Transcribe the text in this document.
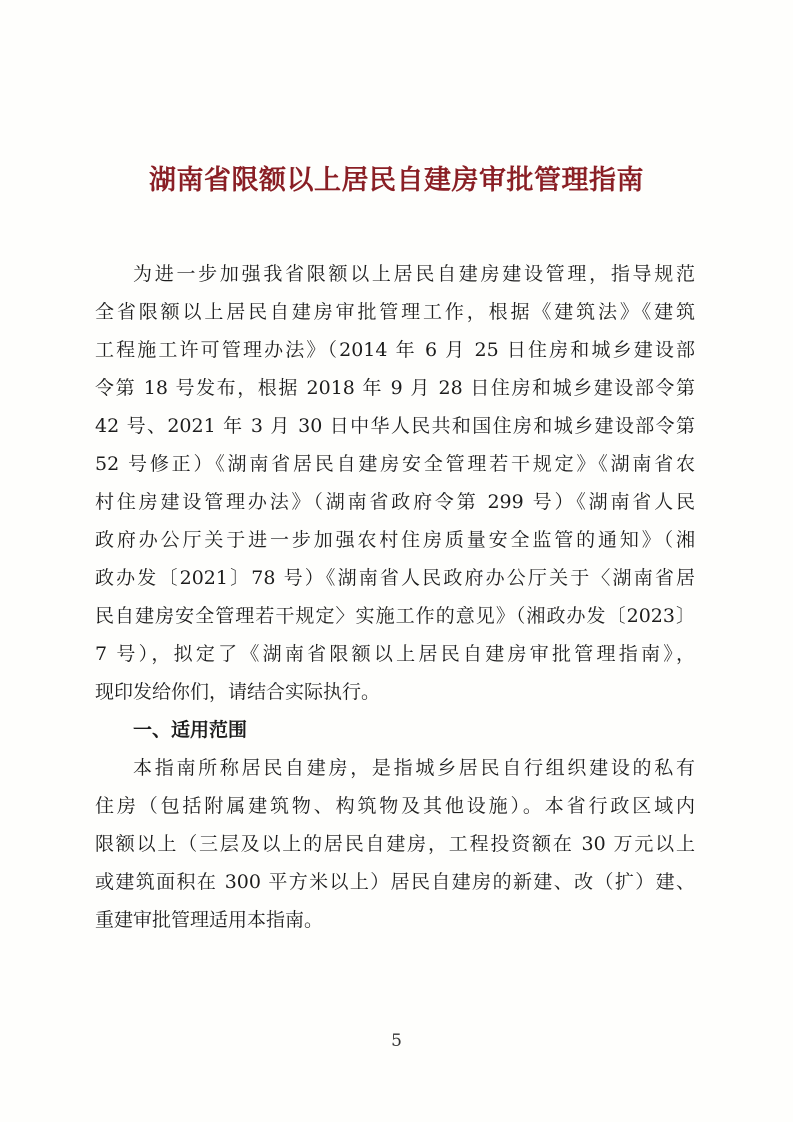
湖南省限额以上居民自建房审批管理指南
为进一步加强我省限额以上居民自建房建设管理，指导规范
全省限额以上居民自建房审批管理工作，根据《建筑法》《建筑
工程施工许可管理办法》（2014 年 6 月 25 日住房和城乡建设部
令第 18 号发布，根据 2018 年 9 月 28 日住房和城乡建设部令第
42 号、2021 年 3 月 30 日中华人民共和国住房和城乡建设部令第
52 号修正）《湖南省居民自建房安全管理若干规定》《湖南省农
村住房建设管理办法》（湖南省政府令第 299 号）《湖南省人民
政府办公厅关于进一步加强农村住房质量安全监管的通知》（湘
政办发〔2021〕78 号）《湖南省人民政府办公厅关于〈湖南省居
民自建房安全管理若干规定〉实施工作的意见》（湘政办发〔2023〕
7 号），拟定了《湖南省限额以上居民自建房审批管理指南》，
现印发给你们，请结合实际执行。
一、适用范围
本指南所称居民自建房，是指城乡居民自行组织建设的私有
住房（包括附属建筑物、构筑物及其他设施）。本省行政区域内
限额以上（三层及以上的居民自建房，工程投资额在 30 万元以上
或建筑面积在 300 平方米以上）居民自建房的新建、改（扩）建、
重建审批管理适用本指南。
5
